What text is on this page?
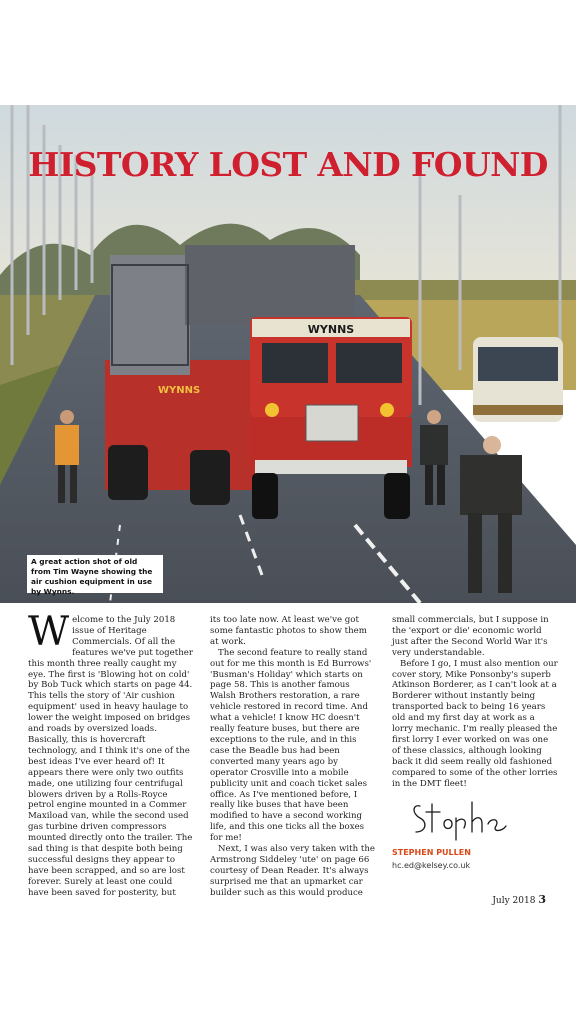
WYNNS
WYNNS
HISTORY LOST AND FOUND
A great action shot of old from Tim Wayne showing the air cushion equipment in use by Wynns.

Welcome to the July 2018 issue of Heritage Commercials. Of all the features we've put together this month three really caught my eye. The first is 'Blowing hot on cold' by Bob Tuck which starts on page 44. This tells the story of 'Air cushion equipment' used in heavy haulage to lower the weight imposed on bridges and roads by oversized loads. Basically, this is hovercraft technology, and I think it's one of the best ideas I've ever heard of! It appears there were only two outfits made, one utilizing four centrifugal blowers driven by a Rolls-Royce petrol engine mounted in a Commer Maxiload van, while the second used gas turbine driven compressors mounted directly onto the trailer. The sad thing is that despite both being successful designs they appear to have been scrapped, and so are lost forever. Surely at least one could have been saved for posterity, but

its too late now. At least we've got some fantastic photos to show them at work.

The second feature to really stand out for me this month is Ed Burrows' 'Busman's Holiday' which starts on page 58. This is another famous Walsh Brothers restoration, a rare vehicle restored in record time. And what a vehicle! I know HC doesn't really feature buses, but there are exceptions to the rule, and in this case the Beadle bus had been converted many years ago by operator Crosville into a mobile publicity unit and coach ticket sales office. As I've mentioned before, I really like buses that have been modified to have a second working life, and this one ticks all the boxes for me!

Next, I was also very taken with the Armstrong Siddeley 'ute' on page 66 courtesy of Dean Reader. It's always surprised me that an upmarket car builder such as this would produce

small commercials, but I suppose in the 'export or die' economic world just after the Second World War it's very understandable.

Before I go, I must also mention our cover story, Mike Ponsonby's superb Atkinson Borderer, as I can't look at a Borderer without instantly being transported back to being 16 years old and my first day at work as a lorry mechanic. I'm really pleased the first lorry I ever worked on was one of these classics, although looking back it did seem really old fashioned compared to some of the other lorries in the DMT fleet!

STEPHEN PULLEN
hc.ed@kelsey.co.uk
July 2018 3
